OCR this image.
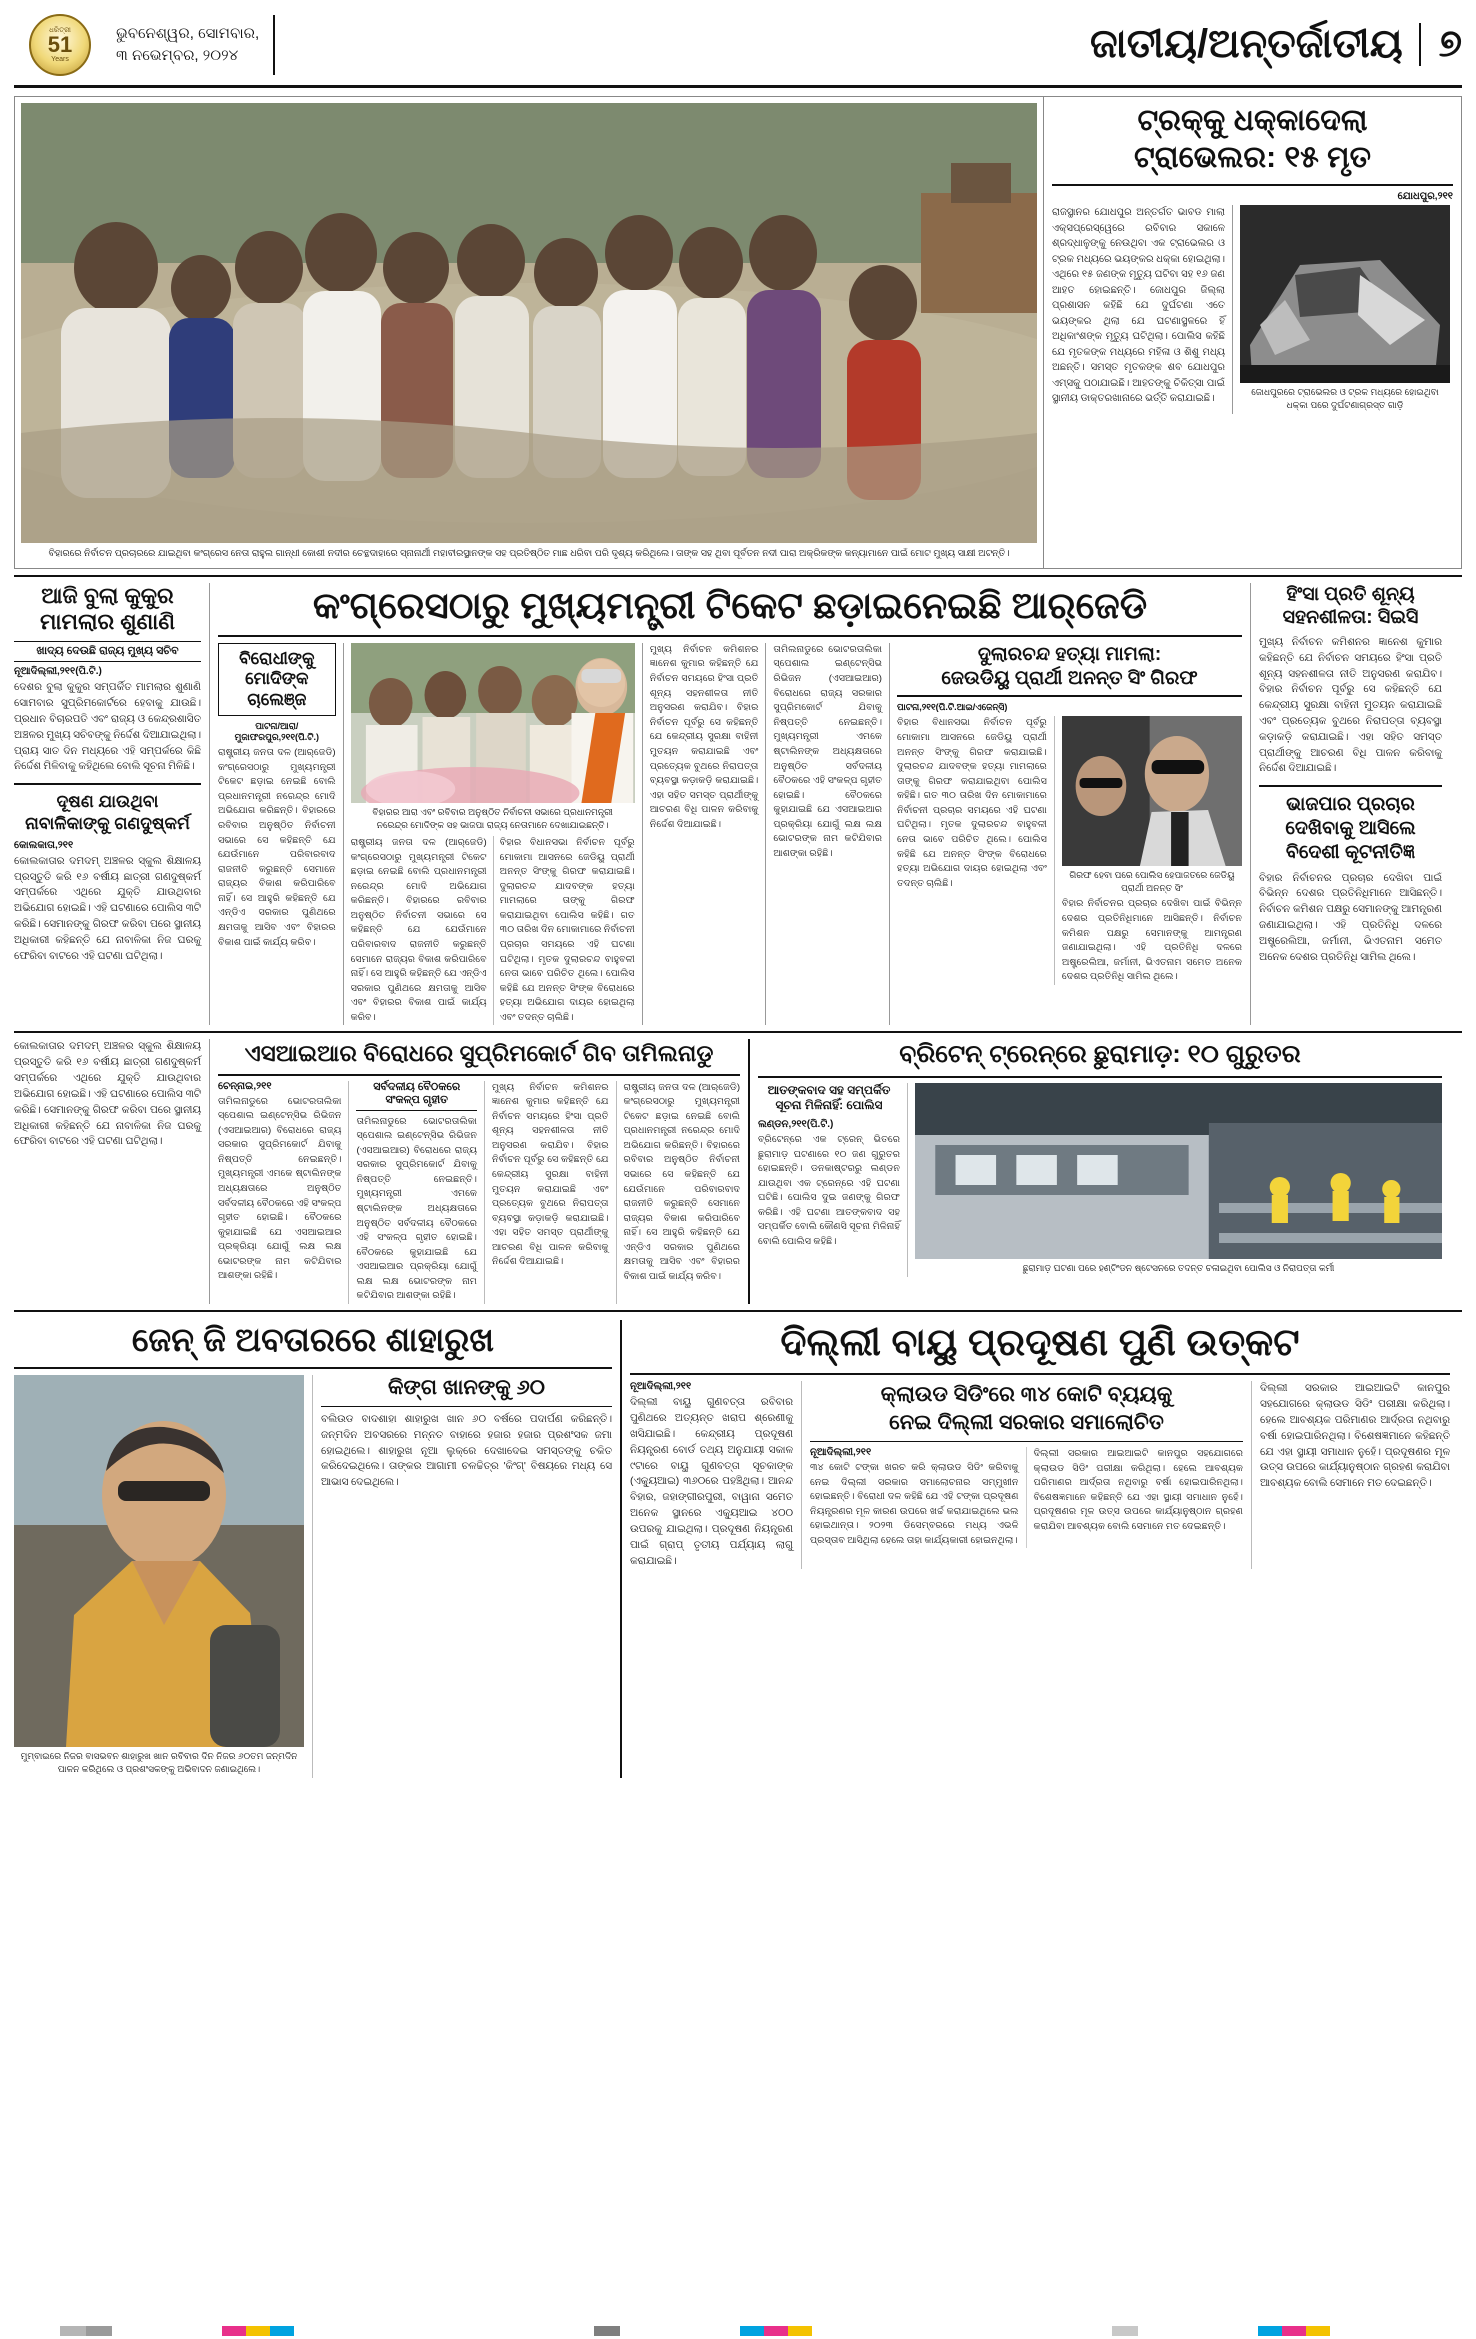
ଧରିତ୍ରୀ
51
Years
ଭୁବନେଶ୍ୱର, ସୋମବାର,
୩ ନଭେମ୍ବର, ୨୦୨୪	ଜାତୀୟ/ଅନ୍ତର୍ଜାତୀୟ ୭
ବିହାରରେ ନିର୍ବାଚନ ପ୍ରଚାରରେ ଯାଇଥିବା କଂଗ୍ରେସ ନେତା ରାହୁଲ ଗାନ୍ଧୀ କୋଶୀ ନଦୀର ଚେନ୍ଥଦାହାରେ ସ୍ନାନାର୍ଥୀ ମହାବୀରସ୍ଥାନଙ୍କ ସହ ପ୍ରତିଷ୍ଠିତ ମାଛ ଧରିବା ପରି ଦୃଶ୍ୟ କରିଥିଲେ। ତାଙ୍କ ସହ ଥିବା ପୂର୍ବତନ ନଦୀ ପାରା ଅକ୍ରିକଙ୍କ କନ୍ୟାମାନେ ପାଇଁ ମୋଟ ମୁଖ୍ୟ ସାକ୍ଷୀ ଅଟନ୍ତି।
ଟ୍ରକ୍‌କୁ ଧକ୍କାଦେଲା
ଟ୍ରାଭେଲର: ୧୫ ମୃତ
ଯୋଧପୁର,୨୧୧
ରାଜସ୍ଥାନର ଯୋଧପୁର ଅନ୍ତର୍ଗତ ଭାବଡ ମାଲା ଏକ୍ସପ୍ରେସ୍‌ୱେରେ ରବିବାର ସକାଳେ ଶ୍ରଦ୍ଧାଳୁଙ୍କୁ ନେଉଥିବା ଏକ ଟ୍ରାଭେଲର ଓ ଟ୍ରକ ମଧ୍ୟରେ ଭୟଙ୍କର ଧକ୍କା ହୋଇଥିଲା। ଏଥିରେ ୧୫ ଜଣଙ୍କ ମୃତ୍ୟୁ ଘଟିବା ସହ ୧୬ ଜଣ ଆହତ ହୋଇଛନ୍ତି। ଜୋଧପୁର ଜିଲ୍ଲା ପ୍ରଶାସନ କହିଛି ଯେ ଦୁର୍ଘଟଣା ଏତେ ଭୟଙ୍କର ଥିଲା ଯେ ଘଟଣାସ୍ଥଳରେ ହିଁ ଅଧିକାଂଶଙ୍କ ମୃତ୍ୟୁ ଘଟିଥିଲା। ପୋଲିସ କହିଛି ଯେ ମୃତକଙ୍କ ମଧ୍ୟରେ ମହିଳା ଓ ଶିଶୁ ମଧ୍ୟ ଅଛନ୍ତି। ସମସ୍ତ ମୃତକଙ୍କ ଶବ ଯୋଧପୁର ଏମ୍ସକୁ ପଠାଯାଇଛି। ଆହତଙ୍କୁ ଚିକିତ୍ସା ପାଇଁ ସ୍ଥାନୀୟ ଡାକ୍ତରଖାନାରେ ଭର୍ତ୍ତି କରାଯାଇଛି।
ଜୋଧପୁରରେ ଟ୍ରାଭେଲର ଓ ଟ୍ରକ ମଧ୍ୟରେ ହୋଇଥିବା ଧକ୍କା ପରେ ଦୁର୍ଘଟଣାଗ୍ରସ୍ତ ଗାଡ଼ି
ଆଜି ବୁଲା କୁକୁର
ମାମଲାର ଶୁଣାଣି
ଖାଦ୍ୟ ଦେଉଛି ରାଜ୍ୟ ମୁଖ୍ୟ ସଚିବ
ନୂଆଦିଲ୍ଲୀ,୨୧୧(ପି.ଟି.)
ଦେଶର ବୁଲା କୁକୁର ସମ୍ପର୍କିତ ମାମଲାର ଶୁଣାଣି ସୋମବାର ସୁପ୍ରିମକୋର୍ଟରେ ହେବାକୁ ଯାଉଛି। ପ୍ରଧାନ ବିଚାରପତି ଏବଂ ରାଜ୍ୟ ଓ କେନ୍ଦ୍ରଶାସିତ ଅଞ୍ଚଳର ମୁଖ୍ୟ ସଚିବଙ୍କୁ ନିର୍ଦ୍ଦେଶ ଦିଆଯାଇଥିଲା। ପ୍ରାୟ ସାତ ଦିନ ମଧ୍ୟରେ ଏହି ସମ୍ପର୍କରେ କିଛି ନିର୍ଦ୍ଦେଶ ମିଳିବାକୁ କହିଥିଲେ ବୋଲି ସୂଚନା ମିଳିଛି।
ଦୂଷଣ ଯାଉଥିବା
ନାବାଳିକାଙ୍କୁ ଗଣଦୁଷ୍କର୍ମ
କୋଲକାତା,୨୧୧
କୋଲକାତାର ଦମଦମ୍ ଅଞ୍ଚଳର ସ୍କୁଲ ଶିକ୍ଷାଳୟ ପ୍ରସ୍ତୁତି କରି ୧୬ ବର୍ଷୀୟ ଛାତ୍ରୀ ଗଣଦୁଷ୍କର୍ମ ସମ୍ପର୍କରେ ଏଥିରେ ଯୁକ୍ତି ଯାଉଥିବାର ଅଭିଯୋଗ ହୋଇଛି। ଏହି ଘଟଣାରେ ପୋଲିସ ୩ଟି କରିଛି। ସେମାନଙ୍କୁ ଗିରଫ କରିବା ପରେ ସ୍ଥାନୀୟ ଅଧିକାରୀ କହିଛନ୍ତି ଯେ ନାବାଳିକା ନିଜ ଘରକୁ ଫେରିବା ବାଟରେ ଏହି ଘଟଣା ଘଟିଥିଲା।
କଂଗ୍ରେସଠାରୁ ମୁଖ୍ୟମନ୍ତ୍ରୀ ଟିକେଟ ଛଡ଼ାଇନେଇଛି ଆର୍‌ଜେଡି
ବିରୋଧୀଙ୍କୁ
ମୋଦିଙ୍କ ଚାଲେଞ୍ଜ
ପାଟନା/ଆରା/ମୁଜାଫରପୁର,୨୧୧(ପି.ଟି.)
ରାଷ୍ଟ୍ରୀୟ ଜନତା ଦଳ (ଆର୍‌ଜେଡି) କଂଗ୍ରେସଠାରୁ ମୁଖ୍ୟମନ୍ତ୍ରୀ ଟିକେଟ ଛଡ଼ାଇ ନେଇଛି ବୋଲି ପ୍ରଧାନମନ୍ତ୍ରୀ ନରେନ୍ଦ୍ର ମୋଦି ଅଭିଯୋଗ କରିଛନ୍ତି। ବିହାରରେ ରବିବାର ଅନୁଷ୍ଠିତ ନିର୍ବାଚନୀ ସଭାରେ ସେ କହିଛନ୍ତି ଯେ ଯେଉଁମାନେ ପରିବାରବାଦ ରାଜନୀତି କରୁଛନ୍ତି ସେମାନେ ରାଜ୍ୟର ବିକାଶ କରିପାରିବେ ନାହିଁ। ସେ ଆହୁରି କହିଛନ୍ତି ଯେ ଏନ୍‌ଡିଏ ସରକାର ପୁଣିଥରେ କ୍ଷମତାକୁ ଆସିବ ଏବଂ ବିହାରର ବିକାଶ ପାଇଁ କାର୍ଯ୍ୟ କରିବ।
ବିହାରର ଆରା ଏବଂ ରବିବାର ଅନୁଷ୍ଠିତ ନିର୍ବାଚନୀ ସଭାରେ ପ୍ରଧାନମନ୍ତ୍ରୀ ନରେନ୍ଦ୍ର ମୋଦିଙ୍କ ସହ ଭାଜପା ରାଜ୍ୟ ନେତାମାନେ ଦେଖାଯାଇଛନ୍ତି।
ରାଷ୍ଟ୍ରୀୟ ଜନତା ଦଳ (ଆର୍‌ଜେଡି) କଂଗ୍ରେସଠାରୁ ମୁଖ୍ୟମନ୍ତ୍ରୀ ଟିକେଟ ଛଡ଼ାଇ ନେଇଛି ବୋଲି ପ୍ରଧାନମନ୍ତ୍ରୀ ନରେନ୍ଦ୍ର ମୋଦି ଅଭିଯୋଗ କରିଛନ୍ତି। ବିହାରରେ ରବିବାର ଅନୁଷ୍ଠିତ ନିର୍ବାଚନୀ ସଭାରେ ସେ କହିଛନ୍ତି ଯେ ଯେଉଁମାନେ ପରିବାରବାଦ ରାଜନୀତି କରୁଛନ୍ତି ସେମାନେ ରାଜ୍ୟର ବିକାଶ କରିପାରିବେ ନାହିଁ। ସେ ଆହୁରି କହିଛନ୍ତି ଯେ ଏନ୍‌ଡିଏ ସରକାର ପୁଣିଥରେ କ୍ଷମତାକୁ ଆସିବ ଏବଂ ବିହାରର ବିକାଶ ପାଇଁ କାର୍ଯ୍ୟ କରିବ।
ବିହାର ବିଧାନସଭା ନିର୍ବାଚନ ପୂର୍ବରୁ ମୋକାମା ଆସନରେ ଜେଡିୟୁ ପ୍ରାର୍ଥୀ ଅନନ୍ତ ସିଂଙ୍କୁ ଗିରଫ କରାଯାଇଛି। ଦୁଲାରଚନ୍ଦ ଯାଦବଙ୍କ ହତ୍ୟା ମାମଲାରେ ତାଙ୍କୁ ଗିରଫ କରାଯାଇଥିବା ପୋଲିସ କହିଛି। ଗତ ୩୦ ତାରିଖ ଦିନ ମୋକାମାରେ ନିର୍ବାଚନୀ ପ୍ରଚାର ସମୟରେ ଏହି ଘଟଣା ଘଟିଥିଲା। ମୃତକ ଦୁଲାରଚନ୍ଦ ବାହୁବଳୀ ନେତା ଭାବେ ପରିଚିତ ଥିଲେ। ପୋଲିସ କହିଛି ଯେ ଅନନ୍ତ ସିଂଙ୍କ ବିରୋଧରେ ହତ୍ୟା ଅଭିଯୋଗ ଦାୟର ହୋଇଥିଲା ଏବଂ ତଦନ୍ତ ଚାଲିଛି।
ମୁଖ୍ୟ ନିର୍ବାଚନ କମିଶନର ଜ୍ଞାନେଶ କୁମାର କହିଛନ୍ତି ଯେ ନିର୍ବାଚନ ସମୟରେ ହିଂସା ପ୍ରତି ଶୂନ୍ୟ ସହନଶୀଳତା ନୀତି ଅନୁସରଣ କରାଯିବ। ବିହାର ନିର୍ବାଚନ ପୂର୍ବରୁ ସେ କହିଛନ୍ତି ଯେ କେନ୍ଦ୍ରୀୟ ସୁରକ୍ଷା ବାହିନୀ ମୁତୟନ କରାଯାଇଛି ଏବଂ ପ୍ରତ୍ୟେକ ବୁଥରେ ନିରାପତ୍ତା ବ୍ୟବସ୍ଥା କଡ଼ାକଡ଼ି କରାଯାଇଛି। ଏହା ସହିତ ସମସ୍ତ ପ୍ରାର୍ଥୀଙ୍କୁ ଆଚରଣ ବିଧି ପାଳନ କରିବାକୁ ନିର୍ଦ୍ଦେଶ ଦିଆଯାଇଛି।
ତାମିଲନାଡୁରେ ଭୋଟରତାଲିକା ସ୍ପେଶାଲ ଇଣ୍ଟେନ୍‌ସିଭ ରିଭିଜନ (ଏସଆଇଆର) ବିରୋଧରେ ରାଜ୍ୟ ସରକାର ସୁପ୍ରିମକୋର୍ଟ ଯିବାକୁ ନିଷ୍ପତ୍ତି ନେଇଛନ୍ତି। ମୁଖ୍ୟମନ୍ତ୍ରୀ ଏମକେ ଷ୍ଟାଲିନଙ୍କ ଅଧ୍ୟକ୍ଷତାରେ ଅନୁଷ୍ଠିତ ସର୍ବଦଳୀୟ ବୈଠକରେ ଏହି ସଂକଳ୍ପ ଗୃହୀତ ହୋଇଛି। ବୈଠକରେ କୁହାଯାଇଛି ଯେ ଏସଆଇଆର ପ୍ରକ୍ରିୟା ଯୋଗୁଁ ଲକ୍ଷ ଲକ୍ଷ ଭୋଟରଙ୍କ ନାମ କଟିଯିବାର ଆଶଙ୍କା ରହିଛି।
ଦୁଲାରଚନ୍ଦ ହତ୍ୟା ମାମଲା:
ଜେଉଡିୟୁ ପ୍ରାର୍ଥୀ ଅନନ୍ତ ସିଂ ଗିରଫ
ପାଟନା,୨୧୧(ପି.ଟି.ଆଇ/ଏଜେନ୍ସି)
ବିହାର ବିଧାନସଭା ନିର୍ବାଚନ ପୂର୍ବରୁ ମୋକାମା ଆସନରେ ଜେଡିୟୁ ପ୍ରାର୍ଥୀ ଅନନ୍ତ ସିଂଙ୍କୁ ଗିରଫ କରାଯାଇଛି। ଦୁଲାରଚନ୍ଦ ଯାଦବଙ୍କ ହତ୍ୟା ମାମଲାରେ ତାଙ୍କୁ ଗିରଫ କରାଯାଇଥିବା ପୋଲିସ କହିଛି। ଗତ ୩୦ ତାରିଖ ଦିନ ମୋକାମାରେ ନିର୍ବାଚନୀ ପ୍ରଚାର ସମୟରେ ଏହି ଘଟଣା ଘଟିଥିଲା। ମୃତକ ଦୁଲାରଚନ୍ଦ ବାହୁବଳୀ ନେତା ଭାବେ ପରିଚିତ ଥିଲେ। ପୋଲିସ କହିଛି ଯେ ଅନନ୍ତ ସିଂଙ୍କ ବିରୋଧରେ ହତ୍ୟା ଅଭିଯୋଗ ଦାୟର ହୋଇଥିଲା ଏବଂ ତଦନ୍ତ ଚାଲିଛି।
ଗିରଫ ହେବା ପରେ ପୋଲିସ ହେପାଜତରେ ଜେଡିୟୁ ପ୍ରାର୍ଥୀ ଅନନ୍ତ ସିଂ
ବିହାର ନିର୍ବାଚନର ପ୍ରଚାର ଦେଖିବା ପାଇଁ ବିଭିନ୍ନ ଦେଶର ପ୍ରତିନିଧିମାନେ ଆସିଛନ୍ତି। ନିର୍ବାଚନ କମିଶନ ପକ୍ଷରୁ ସେମାନଙ୍କୁ ଆମନ୍ତ୍ରଣ ଜଣାଯାଇଥିଲା। ଏହି ପ୍ରତିନିଧି ଦଳରେ ଅଷ୍ଟ୍ରେଲିଆ, ଜର୍ମାନୀ, ଭିଏତନାମ ସମେତ ଅନେକ ଦେଶର ପ୍ରତିନିଧି ସାମିଲ ଥିଲେ।
ହିଂସା ପ୍ରତି ଶୂନ୍ୟ
ସହନଶୀଳତା: ସିଇସି
ମୁଖ୍ୟ ନିର୍ବାଚନ କମିଶନର ଜ୍ଞାନେଶ କୁମାର କହିଛନ୍ତି ଯେ ନିର୍ବାଚନ ସମୟରେ ହିଂସା ପ୍ରତି ଶୂନ୍ୟ ସହନଶୀଳତା ନୀତି ଅନୁସରଣ କରାଯିବ। ବିହାର ନିର୍ବାଚନ ପୂର୍ବରୁ ସେ କହିଛନ୍ତି ଯେ କେନ୍ଦ୍ରୀୟ ସୁରକ୍ଷା ବାହିନୀ ମୁତୟନ କରାଯାଇଛି ଏବଂ ପ୍ରତ୍ୟେକ ବୁଥରେ ନିରାପତ୍ତା ବ୍ୟବସ୍ଥା କଡ଼ାକଡ଼ି କରାଯାଇଛି। ଏହା ସହିତ ସମସ୍ତ ପ୍ରାର୍ଥୀଙ୍କୁ ଆଚରଣ ବିଧି ପାଳନ କରିବାକୁ ନିର୍ଦ୍ଦେଶ ଦିଆଯାଇଛି।
ଭାଜପାର ପ୍ରଚାର
ଦେଖିବାକୁ ଆସିଲେ
ବିଦେଶୀ କୂଟନୀତିଜ୍ଞ
ବିହାର ନିର୍ବାଚନର ପ୍ରଚାର ଦେଖିବା ପାଇଁ ବିଭିନ୍ନ ଦେଶର ପ୍ରତିନିଧିମାନେ ଆସିଛନ୍ତି। ନିର୍ବାଚନ କମିଶନ ପକ୍ଷରୁ ସେମାନଙ୍କୁ ଆମନ୍ତ୍ରଣ ଜଣାଯାଇଥିଲା। ଏହି ପ୍ରତିନିଧି ଦଳରେ ଅଷ୍ଟ୍ରେଲିଆ, ଜର୍ମାନୀ, ଭିଏତନାମ ସମେତ ଅନେକ ଦେଶର ପ୍ରତିନିଧି ସାମିଲ ଥିଲେ।
କୋଲକାତାର ଦମଦମ୍ ଅଞ୍ଚଳର ସ୍କୁଲ ଶିକ୍ଷାଳୟ ପ୍ରସ୍ତୁତି କରି ୧୬ ବର୍ଷୀୟ ଛାତ୍ରୀ ଗଣଦୁଷ୍କର୍ମ ସମ୍ପର୍କରେ ଏଥିରେ ଯୁକ୍ତି ଯାଉଥିବାର ଅଭିଯୋଗ ହୋଇଛି। ଏହି ଘଟଣାରେ ପୋଲିସ ୩ଟି କରିଛି। ସେମାନଙ୍କୁ ଗିରଫ କରିବା ପରେ ସ୍ଥାନୀୟ ଅଧିକାରୀ କହିଛନ୍ତି ଯେ ନାବାଳିକା ନିଜ ଘରକୁ ଫେରିବା ବାଟରେ ଏହି ଘଟଣା ଘଟିଥିଲା।
ଏସଆଇଆର ବିରୋଧରେ ସୁପ୍ରିମକୋର୍ଟ ଗିବ ତାମିଲନାଡୁ
ଚେନ୍ନାଇ,୨୧୧
ତାମିଲନାଡୁରେ ଭୋଟରତାଲିକା ସ୍ପେଶାଲ ଇଣ୍ଟେନ୍‌ସିଭ ରିଭିଜନ (ଏସଆଇଆର) ବିରୋଧରେ ରାଜ୍ୟ ସରକାର ସୁପ୍ରିମକୋର୍ଟ ଯିବାକୁ ନିଷ୍ପତ୍ତି ନେଇଛନ୍ତି। ମୁଖ୍ୟମନ୍ତ୍ରୀ ଏମକେ ଷ୍ଟାଲିନଙ୍କ ଅଧ୍ୟକ୍ଷତାରେ ଅନୁଷ୍ଠିତ ସର୍ବଦଳୀୟ ବୈଠକରେ ଏହି ସଂକଳ୍ପ ଗୃହୀତ ହୋଇଛି। ବୈଠକରେ କୁହାଯାଇଛି ଯେ ଏସଆଇଆର ପ୍ରକ୍ରିୟା ଯୋଗୁଁ ଲକ୍ଷ ଲକ୍ଷ ଭୋଟରଙ୍କ ନାମ କଟିଯିବାର ଆଶଙ୍କା ରହିଛି।
ସର୍ବଦଳୀୟ ବୈଠକରେ ସଂକଳ୍ପ ଗୃହୀତ
ତାମିଲନାଡୁରେ ଭୋଟରତାଲିକା ସ୍ପେଶାଲ ଇଣ୍ଟେନ୍‌ସିଭ ରିଭିଜନ (ଏସଆଇଆର) ବିରୋଧରେ ରାଜ୍ୟ ସରକାର ସୁପ୍ରିମକୋର୍ଟ ଯିବାକୁ ନିଷ୍ପତ୍ତି ନେଇଛନ୍ତି। ମୁଖ୍ୟମନ୍ତ୍ରୀ ଏମକେ ଷ୍ଟାଲିନଙ୍କ ଅଧ୍ୟକ୍ଷତାରେ ଅନୁଷ୍ଠିତ ସର୍ବଦଳୀୟ ବୈଠକରେ ଏହି ସଂକଳ୍ପ ଗୃହୀତ ହୋଇଛି। ବୈଠକରେ କୁହାଯାଇଛି ଯେ ଏସଆଇଆର ପ୍ରକ୍ରିୟା ଯୋଗୁଁ ଲକ୍ଷ ଲକ୍ଷ ଭୋଟରଙ୍କ ନାମ କଟିଯିବାର ଆଶଙ୍କା ରହିଛି।
ମୁଖ୍ୟ ନିର୍ବାଚନ କମିଶନର ଜ୍ଞାନେଶ କୁମାର କହିଛନ୍ତି ଯେ ନିର୍ବାଚନ ସମୟରେ ହିଂସା ପ୍ରତି ଶୂନ୍ୟ ସହନଶୀଳତା ନୀତି ଅନୁସରଣ କରାଯିବ। ବିହାର ନିର୍ବାଚନ ପୂର୍ବରୁ ସେ କହିଛନ୍ତି ଯେ କେନ୍ଦ୍ରୀୟ ସୁରକ୍ଷା ବାହିନୀ ମୁତୟନ କରାଯାଇଛି ଏବଂ ପ୍ରତ୍ୟେକ ବୁଥରେ ନିରାପତ୍ତା ବ୍ୟବସ୍ଥା କଡ଼ାକଡ଼ି କରାଯାଇଛି। ଏହା ସହିତ ସମସ୍ତ ପ୍ରାର୍ଥୀଙ୍କୁ ଆଚରଣ ବିଧି ପାଳନ କରିବାକୁ ନିର୍ଦ୍ଦେଶ ଦିଆଯାଇଛି।
ରାଷ୍ଟ୍ରୀୟ ଜନତା ଦଳ (ଆର୍‌ଜେଡି) କଂଗ୍ରେସଠାରୁ ମୁଖ୍ୟମନ୍ତ୍ରୀ ଟିକେଟ ଛଡ଼ାଇ ନେଇଛି ବୋଲି ପ୍ରଧାନମନ୍ତ୍ରୀ ନରେନ୍ଦ୍ର ମୋଦି ଅଭିଯୋଗ କରିଛନ୍ତି। ବିହାରରେ ରବିବାର ଅନୁଷ୍ଠିତ ନିର୍ବାଚନୀ ସଭାରେ ସେ କହିଛନ୍ତି ଯେ ଯେଉଁମାନେ ପରିବାରବାଦ ରାଜନୀତି କରୁଛନ୍ତି ସେମାନେ ରାଜ୍ୟର ବିକାଶ କରିପାରିବେ ନାହିଁ। ସେ ଆହୁରି କହିଛନ୍ତି ଯେ ଏନ୍‌ଡିଏ ସରକାର ପୁଣିଥରେ କ୍ଷମତାକୁ ଆସିବ ଏବଂ ବିହାରର ବିକାଶ ପାଇଁ କାର୍ଯ୍ୟ କରିବ।
ବ୍ରିଟେନ୍ ଟ୍ରେନ୍‌ରେ ଛୁରାମାଡ଼: ୧୦ ଗୁରୁତର
ଆତଙ୍କବାଦ ସହ ସମ୍ପର୍କିତ
ସୂଚନା ମିଳିନାହିଁ: ପୋଲିସ
ଲଣ୍ଡନ,୨୧୧(ପି.ଟି.)
ବ୍ରିଟେନ୍‌ରେ ଏକ ଟ୍ରେନ୍ ଭିତରେ ଛୁରାମାଡ଼ ଘଟଣାରେ ୧୦ ଜଣ ଗୁରୁତର ହୋଇଛନ୍ତି। ଡନକାଷ୍ଟରରୁ ଲଣ୍ଡନ ଯାଉଥିବା ଏକ ଟ୍ରେନ୍‌ରେ ଏହି ଘଟଣା ଘଟିଛି। ପୋଲିସ ଦୁଇ ଜଣଙ୍କୁ ଗିରଫ କରିଛି। ଏହି ଘଟଣା ଆତଙ୍କବାଦ ସହ ସମ୍ପର୍କିତ ବୋଲି କୌଣସି ସୂଚନା ମିଳିନାହିଁ ବୋଲି ପୋଲିସ କହିଛି।
ଛୁରାମାଡ଼ ଘଟଣା ପରେ ହଣ୍ଟିଂଡନ ଷ୍ଟେସନରେ ତଦନ୍ତ ଚଳାଇଥିବା ପୋଲିସ ଓ ନିରାପତ୍ତା କର୍ମୀ
ଜେନ୍ ଜି ଅବତାରରେ ଶାହାରୁଖ
ମୁମ୍ବାଇରେ ନିଜର ବାସଭବନ ଶାହାରୁଖ ଖାନ ରବିବାର ଦିନ ନିଜର ୬୦ତମ ଜନ୍ମଦିନ ପାଳନ କରିଥିଲେ ଓ ପ୍ରଶଂସକଙ୍କୁ ଅଭିବାଦନ ଜଣାଇଥିଲେ।
କିଙ୍ଗ ଖାନଙ୍କୁ ୬୦
ବଲିଉଡ ବାଦଶାହା ଶାହାରୁଖ ଖାନ ୬୦ ବର୍ଷରେ ପଦାର୍ପଣ କରିଛନ୍ତି। ଜନ୍ମଦିନ ଅବସରରେ ମନ୍ନତ ବାହାରେ ହଜାର ହଜାର ପ୍ରଶଂସକ ଜମା ହୋଇଥିଲେ। ଶାହାରୁଖ ନୂଆ ଲୁକ୍‌ରେ ଦେଖାଦେଇ ସମସ୍ତଙ୍କୁ ଚକିତ କରିଦେଇଥିଲେ। ତାଙ୍କର ଆଗାମୀ ଚଳଚ୍ଚିତ୍ର 'କିଂଗ୍' ବିଷୟରେ ମଧ୍ୟ ସେ ଆଭାସ ଦେଇଥିଲେ।
ଦିଲ୍ଲୀ ବାୟୁ ପ୍ରଦୂଷଣ ପୁଣି ଉତ୍କଟ
ନୂଆଦିଲ୍ଲୀ,୨୧୧
ଦିଲ୍ଲୀ ବାୟୁ ଗୁଣବତ୍ତା ରବିବାର ପୁଣିଥରେ ଅତ୍ୟନ୍ତ ଖରାପ ଶ୍ରେଣୀକୁ ଖସିଯାଇଛି। କେନ୍ଦ୍ରୀୟ ପ୍ରଦୂଷଣ ନିୟନ୍ତ୍ରଣ ବୋର୍ଡ ତଥ୍ୟ ଅନୁଯାୟୀ ସକାଳ ୯ଟାରେ ବାୟୁ ଗୁଣବତ୍ତା ସୂଚକାଙ୍କ (ଏକ୍ୟୁଆଇ) ୩୬୦ରେ ପହଞ୍ଚିଥିଲା। ଆନନ୍ଦ ବିହାର, ଜହାଙ୍ଗୀରପୁରୀ, ବାୱାନା ସମେତ ଅନେକ ସ୍ଥାନରେ ଏକ୍ୟୁଆଇ ୪୦୦ ଉପରକୁ ଯାଇଥିଲା। ପ୍ରଦୂଷଣ ନିୟନ୍ତ୍ରଣ ପାଇଁ ଗ୍ରାପ୍ ତୃତୀୟ ପର୍ଯ୍ୟାୟ ଲାଗୁ କରାଯାଇଛି।
କ୍ଲାଉଡ ସିଡିଂରେ ୩୪ କୋଟି ବ୍ୟୟକୁ
ନେଇ ଦିଲ୍ଲୀ ସରକାର ସମାଲୋଚିତ
ନୂଆଦିଲ୍ଲୀ,୨୧୧
୩୪ କୋଟି ଟଙ୍କା ଖରଚ କରି କ୍ଲାଉଡ ସିଡିଂ କରିବାକୁ ନେଇ ଦିଲ୍ଲୀ ସରକାର ସମାଲୋଚନାର ସମ୍ମୁଖୀନ ହୋଇଛନ୍ତି। ବିରୋଧୀ ଦଳ କହିଛି ଯେ ଏହି ଟଙ୍କା ପ୍ରଦୂଷଣ ନିୟନ୍ତ୍ରଣର ମୂଳ କାରଣ ଉପରେ ଖର୍ଚ୍ଚ କରାଯାଇଥିଲେ ଭଲ ହୋଇଥାନ୍ତା। ୨୦୨୩ ଡିସେମ୍ବରରେ ମଧ୍ୟ ଏଭଳି ପ୍ରସ୍ତାବ ଆସିଥିଲା ହେଲେ ତାହା କାର୍ଯ୍ୟକାରୀ ହୋଇନଥିଲା।
ଦିଲ୍ଲୀ ସରକାର ଆଇଆଇଟି କାନପୁର ସହଯୋଗରେ କ୍ଲାଉଡ ସିଡିଂ ପରୀକ୍ଷା କରିଥିଲା। ହେଲେ ଆବଶ୍ୟକ ପରିମାଣର ଆର୍ଦ୍ରତା ନଥିବାରୁ ବର୍ଷା ହୋଇପାରିନଥିଲା। ବିଶେଷଜ୍ଞମାନେ କହିଛନ୍ତି ଯେ ଏହା ସ୍ଥାୟୀ ସମାଧାନ ନୁହେଁ। ପ୍ରଦୂଷଣର ମୂଳ ଉତ୍ସ ଉପରେ କାର୍ଯ୍ୟାନୁଷ୍ଠାନ ଗ୍ରହଣ କରାଯିବା ଆବଶ୍ୟକ ବୋଲି ସେମାନେ ମତ ଦେଇଛନ୍ତି।
ଦିଲ୍ଲୀ ସରକାର ଆଇଆଇଟି କାନପୁର ସହଯୋଗରେ କ୍ଲାଉଡ ସିଡିଂ ପରୀକ୍ଷା କରିଥିଲା। ହେଲେ ଆବଶ୍ୟକ ପରିମାଣର ଆର୍ଦ୍ରତା ନଥିବାରୁ ବର୍ଷା ହୋଇପାରିନଥିଲା। ବିଶେଷଜ୍ଞମାନେ କହିଛନ୍ତି ଯେ ଏହା ସ୍ଥାୟୀ ସମାଧାନ ନୁହେଁ। ପ୍ରଦୂଷଣର ମୂଳ ଉତ୍ସ ଉପରେ କାର୍ଯ୍ୟାନୁଷ୍ଠାନ ଗ୍ରହଣ କରାଯିବା ଆବଶ୍ୟକ ବୋଲି ସେମାନେ ମତ ଦେଇଛନ୍ତି।
